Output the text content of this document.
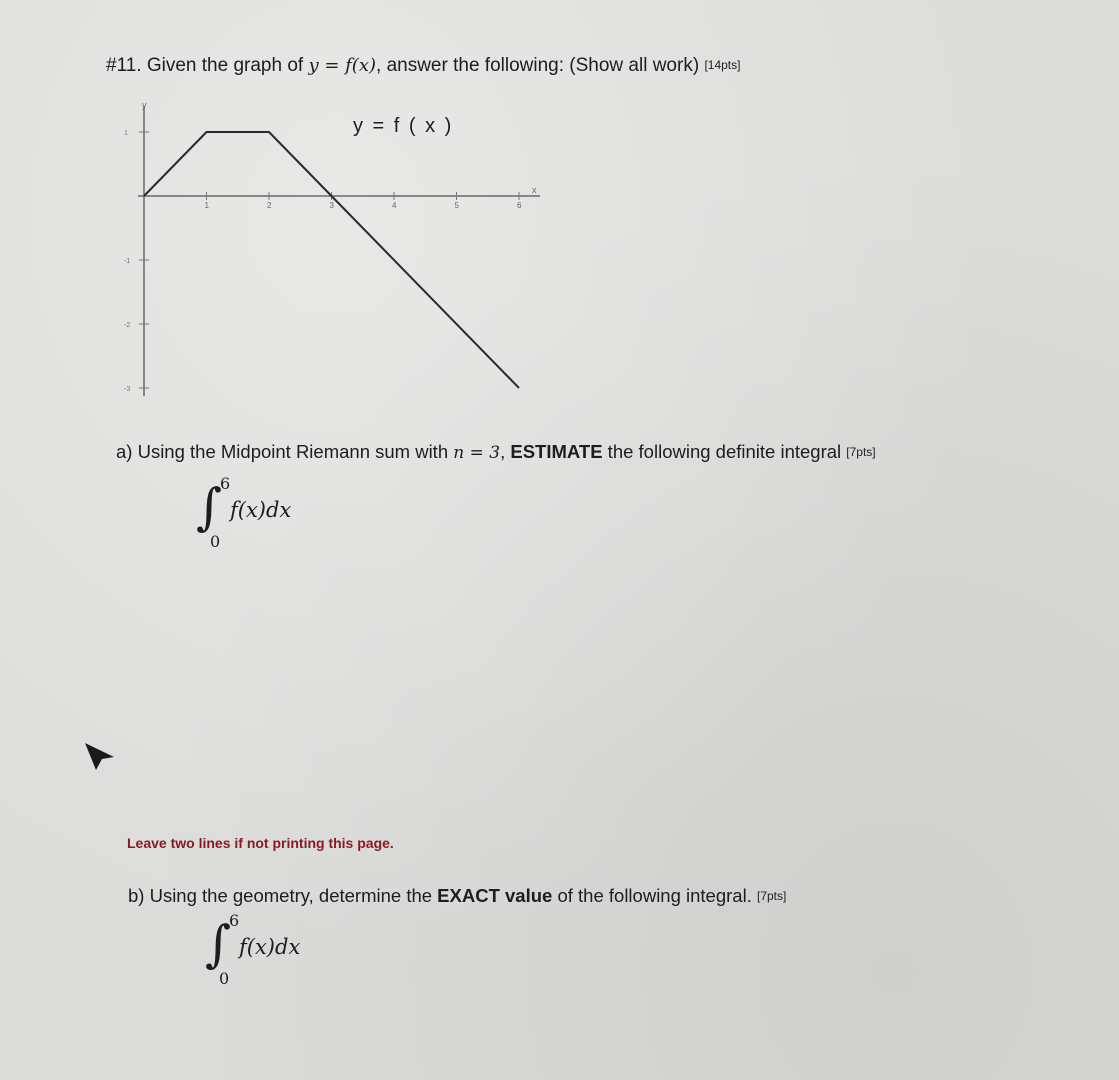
#11. Given the graph of y = f(x), answer the following: (Show all work) [14pts]
y
x
1	2	3	4	5	6
1
-1
-2
-3
y = f ( x )
a) Using the Midpoint Riemann sum with n = 3, ESTIMATE the following definite integral [7pts]
∫
6
0
f(x)dx
Leave two lines if not printing this page.
b) Using the geometry, determine the EXACT value of the following integral. [7pts]
∫
6
0
f(x)dx
